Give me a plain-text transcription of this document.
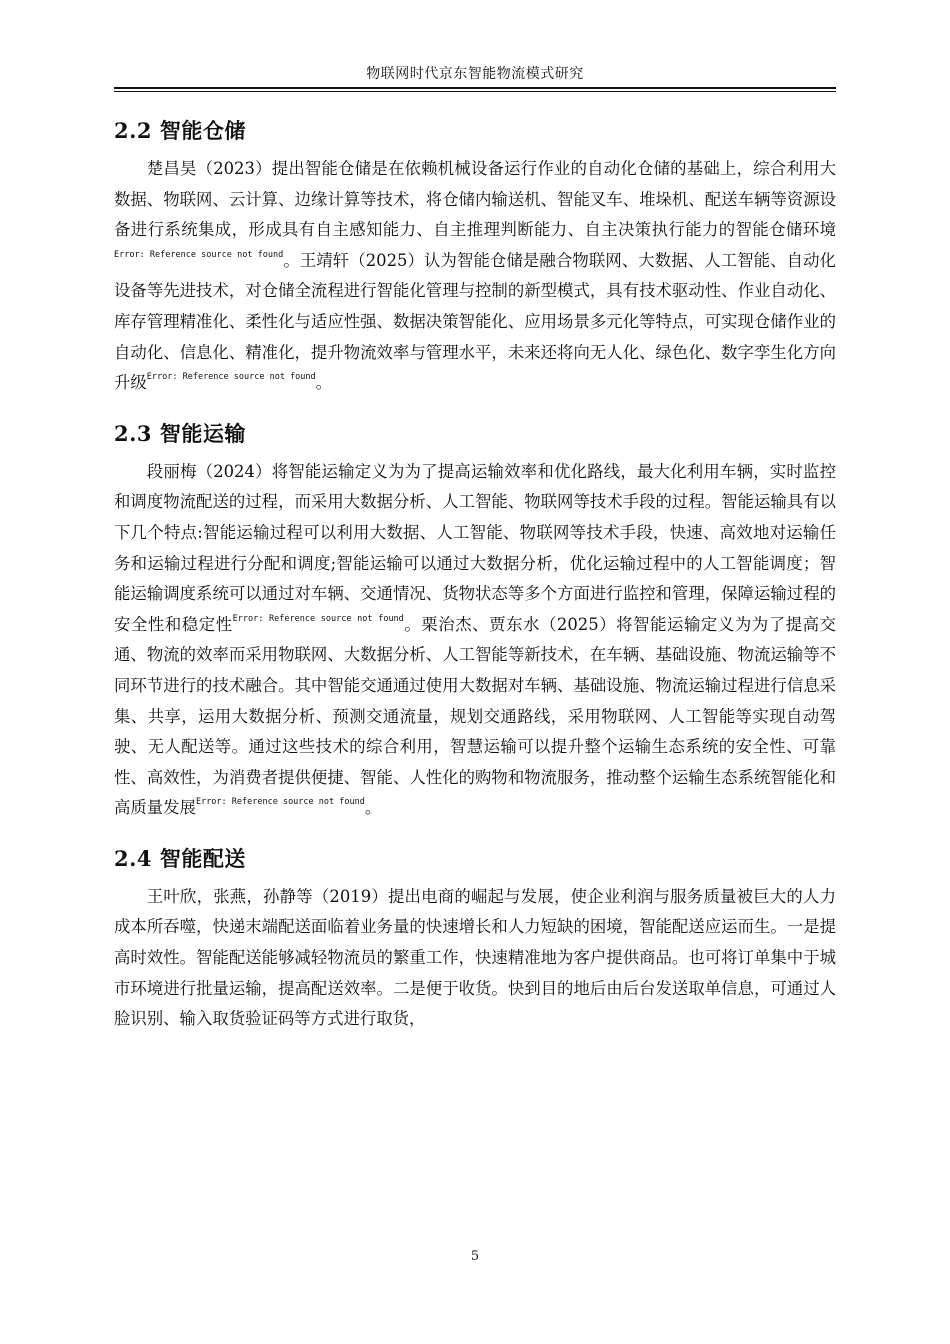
物联网时代京东智能物流模式研究
2.2 智能仓储

楚昌昊（2023）提出智能仓储是在依赖机械设备运行作业的自动化仓储的基础上，综合利用大数据、物联网、云计算、边缘计算等技术，将仓储内输送机、智能叉车、堆垛机、配送车辆等资源设备进行系统集成，形成具有自主感知能力、自主推理判断能力、自主决策执行能力的智能仓储环境$^{Error: Reference source not found}$。王靖轩（2025）认为智能仓储是融合物联网、大数据、人工智能、自动化设备等先进技术，对仓储全流程进行智能化管理与控制的新型模式，具有技术驱动性、作业自动化、库存管理精准化、柔性化与适应性强、数据决策智能化、应用场景多元化等特点，可实现仓储作业的自动化、信息化、精准化，提升物流效率与管理水平，未来还将向无人化、绿色化、数字孪生化方向升级$^{Error: Reference source not found}$。

2.3 智能运输

段丽梅（2024）将智能运输定义为为了提高运输效率和优化路线，最大化利用车辆，实时监控和调度物流配送的过程，而采用大数据分析、人工智能、物联网等技术手段的过程。智能运输具有以下几个特点:智能运输过程可以利用大数据、人工智能、物联网等技术手段，快速、高效地对运输任务和运输过程进行分配和调度;智能运输可以通过大数据分析，优化运输过程中的人工智能调度；智能运输调度系统可以通过对车辆、交通情况、货物状态等多个方面进行监控和管理，保障运输过程的安全性和稳定性$^{Error: Reference source not found}$。栗治杰、贾东水（2025）将智能运输定义为为了提高交通、物流的效率而采用物联网、大数据分析、人工智能等新技术，在车辆、基础设施、物流运输等不同环节进行的技术融合。其中智能交通通过使用大数据对车辆、基础设施、物流运输过程进行信息采集、共享，运用大数据分析、预测交通流量，规划交通路线，采用物联网、人工智能等实现自动驾驶、无人配送等。通过这些技术的综合利用，智慧运输可以提升整个运输生态系统的安全性、可靠性、高效性，为消费者提供便捷、智能、人性化的购物和物流服务，推动整个运输生态系统智能化和高质量发展$^{Error: Reference source not found}$。

2.4 智能配送

王叶欣，张燕，孙静等（2019）提出电商的崛起与发展，使企业利润与服务质量被巨大的人力成本所吞噬，快递末端配送面临着业务量的快速增长和人力短缺的困境，智能配送应运而生。一是提高时效性。智能配送能够减轻物流员的繁重工作，快速精准地为客户提供商品。也可将订单集中于城市环境进行批量运输，提高配送效率。二是便于收货。快到目的地后由后台发送取单信息，可通过人脸识别、输入取货验证码等方式进行取货，

5
